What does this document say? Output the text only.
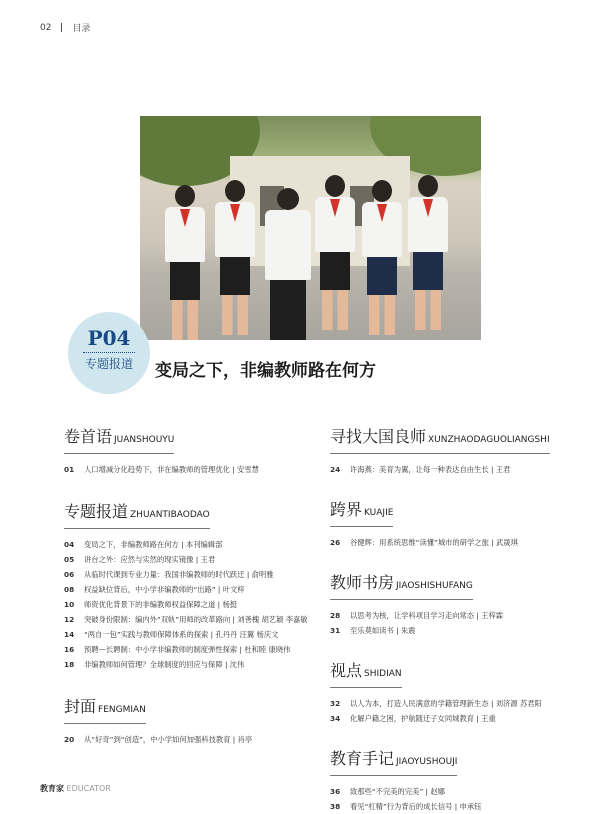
02 目录
P04
专题报道	变局之下，非编教师路在何方
卷首语 JUANSHOUYU
01 人口增减分化趋势下，非在编教师的管理优化 | 安雪慧
专题报道 ZHUANTIBAODAO
04 变局之下，非编教师路在何方 | 本刊编辑部
05 讲台之外：应然与实然的现实镜像 | 王君
06 从临时代课到专业力量：我国非编教师的时代跃迁 | 俞明雅
08 权益缺位背后，中小学非编教师的“出路” | 叶文梓
10 师资优化背景下的非编教师权益保障之道 | 杨挺
12 突破身份限制：编内外“双轨”用师的改革路向 | 刘善槐 胡艺颖 李嘉敏
14 “两自一包”实践与教师保障体系的探索 | 孔丹丹 汪翼 杨庆文
16 预聘—长聘制：中小学非编教师的制度弹性探索 | 杜和睦 康晓伟
18 非编教师如何管理？全球制度的回应与保障 | 沈伟
封面 FENGMIAN
20 从“好奇”到“创造”，中小学如何加强科技教育 | 肖亭
寻找大国良师 XUNZHAODAGUOLIANGSHI
24 许海燕：美育为翼，让每一种表达自由生长 | 王君
跨界 KUAJIE
26 谷健辉：用系统思维“读懂”城市的研学之旅 | 武晟琪
教师书房 JIAOSHISHUFANG
28 以思考为核，让学科项目学习走向常态 | 王梓霖
31 至乐莫如读书 | 朱震
视点 SHIDIAN
32 以人为本，打造人民满意的学籍管理新生态 | 刘济源 苏君阳
34 化解户籍之困，护航随迁子女同城教育 | 王重
教育手记 JIAOYUSHOUJI
36 致那些“不完美的完美” | 赵娜
38 看见“杠精”行为背后的成长信号 | 申承钰
教育家 EDUCATOR
